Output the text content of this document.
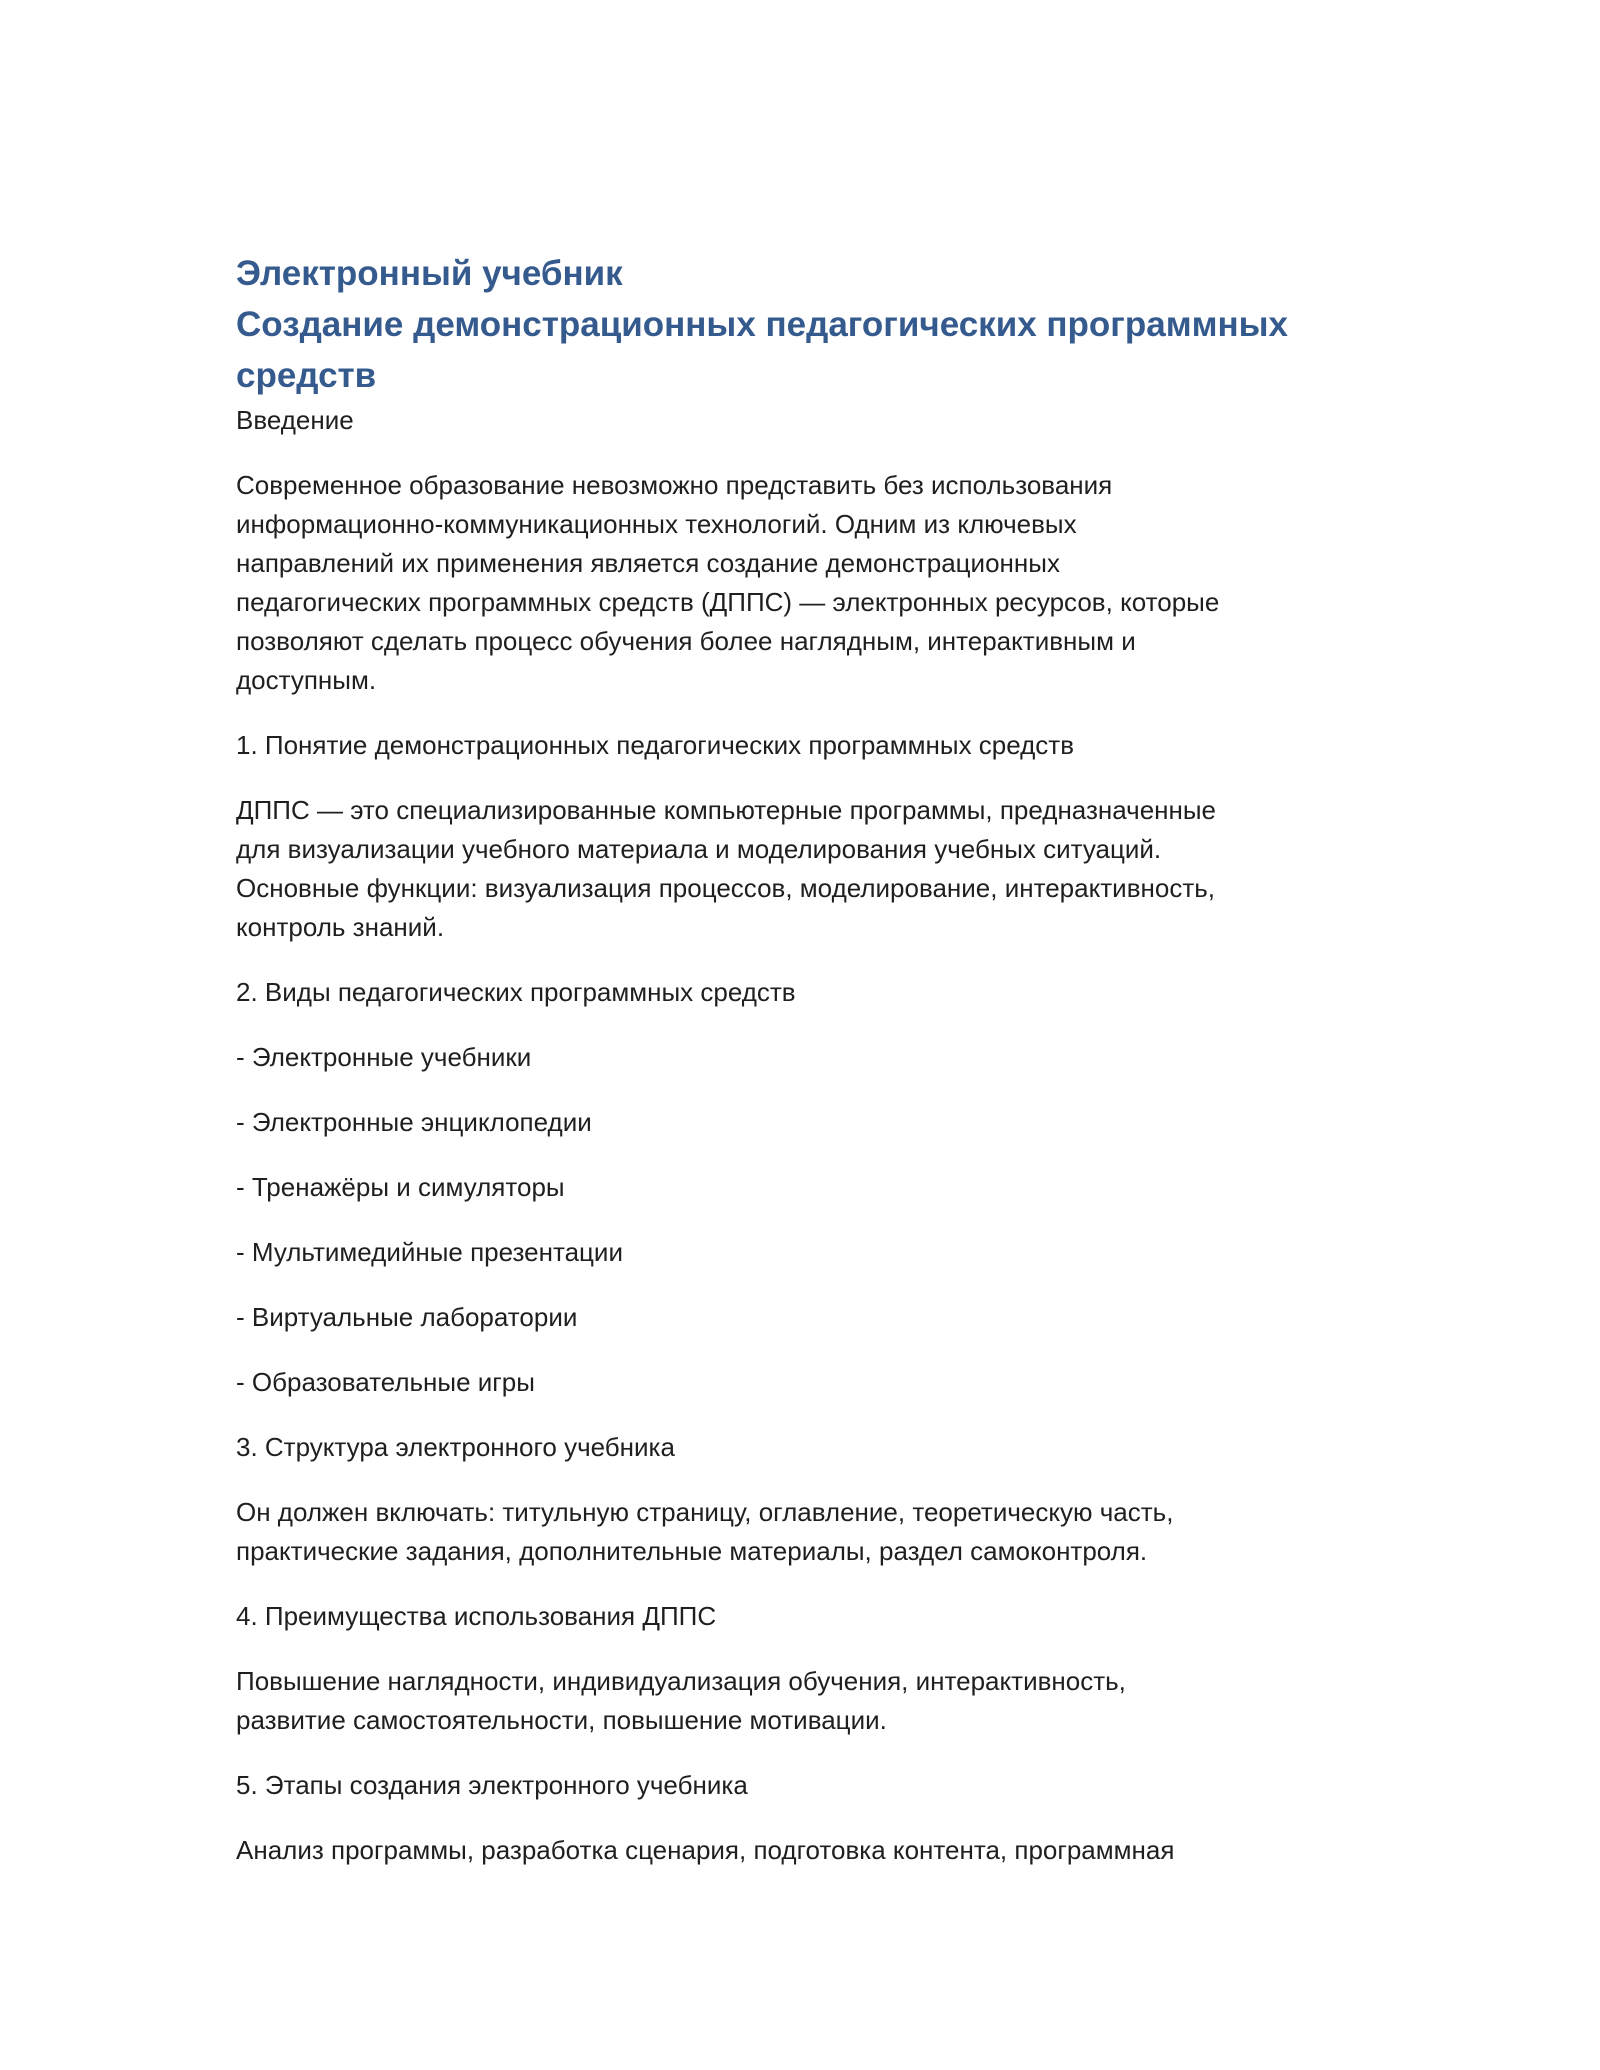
Электронный учебник
Создание демонстрационных педагогических программных
средств

Введение

Современное образование невозможно представить без использования
информационно-коммуникационных технологий. Одним из ключевых
направлений их применения является создание демонстрационных
педагогических программных средств (ДППС) — электронных ресурсов, которые
позволяют сделать процесс обучения более наглядным, интерактивным и
доступным.

1. Понятие демонстрационных педагогических программных средств

ДППС — это специализированные компьютерные программы, предназначенные
для визуализации учебного материала и моделирования учебных ситуаций.
Основные функции: визуализация процессов, моделирование, интерактивность,
контроль знаний.

2. Виды педагогических программных средств

- Электронные учебники

- Электронные энциклопедии

- Тренажёры и симуляторы

- Мультимедийные презентации

- Виртуальные лаборатории

- Образовательные игры

3. Структура электронного учебника

Он должен включать: титульную страницу, оглавление, теоретическую часть,
практические задания, дополнительные материалы, раздел самоконтроля.

4. Преимущества использования ДППС

Повышение наглядности, индивидуализация обучения, интерактивность,
развитие самостоятельности, повышение мотивации.

5. Этапы создания электронного учебника

Анализ программы, разработка сценария, подготовка контента, программная
